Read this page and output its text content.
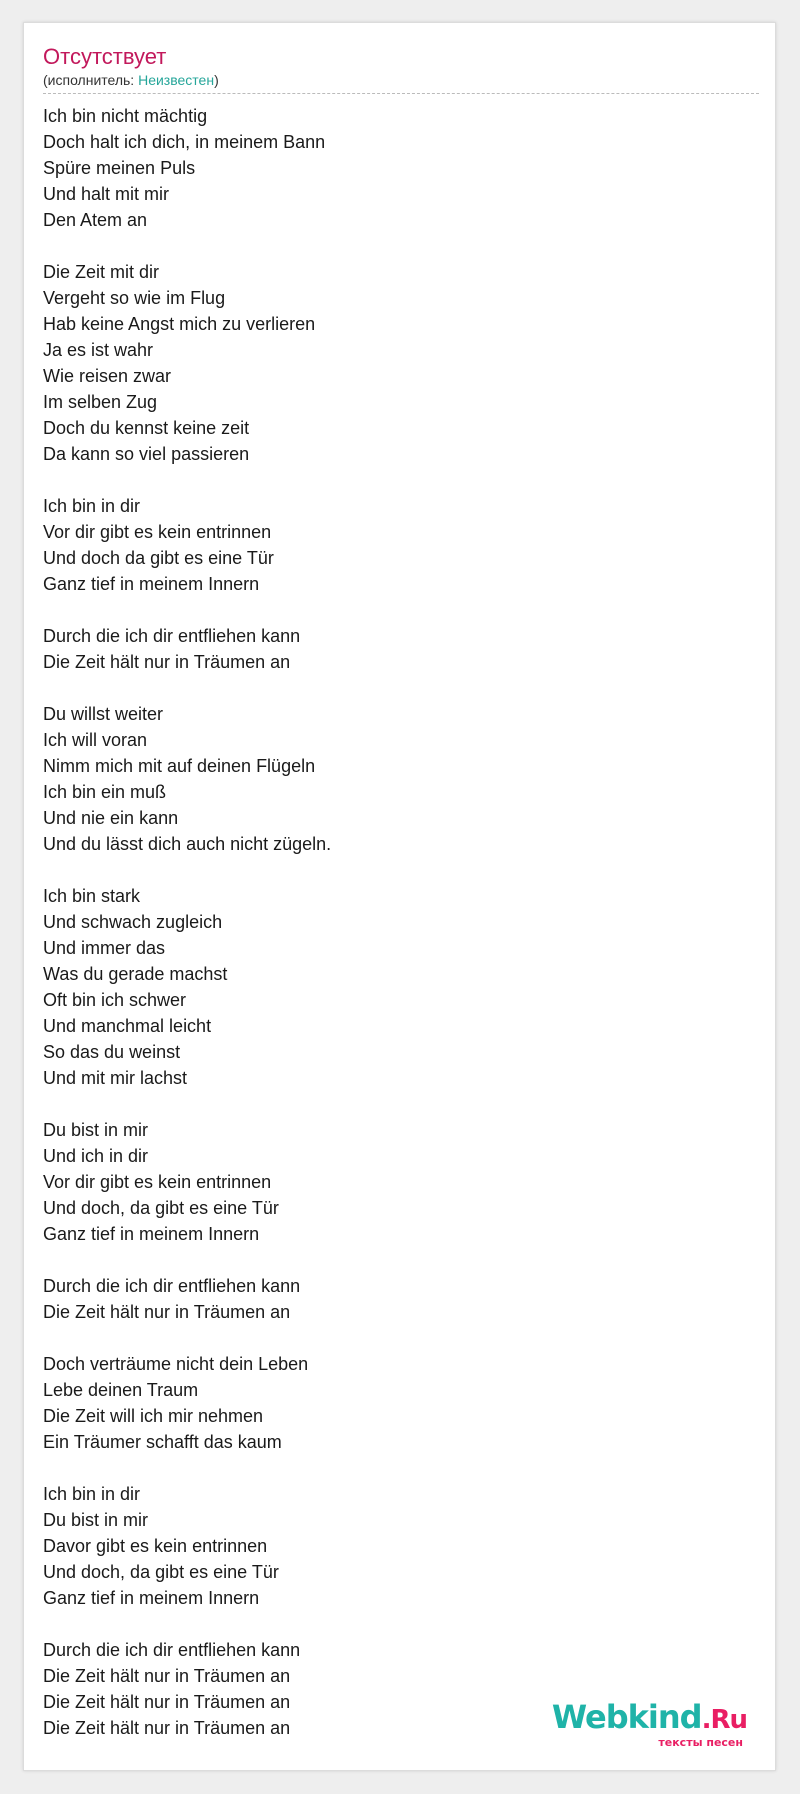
Отсутствует
(исполнитель: Неизвестен)
Ich bin nicht mächtig
Doch halt ich dich, in meinem Bann
Spüre meinen Puls
Und halt mit mir
Den Atem an
Die Zeit mit dir
Vergeht so wie im Flug
Hab keine Angst mich zu verlieren
Ja es ist wahr
Wie reisen zwar
Im selben Zug
Doch du kennst keine zeit
Da kann so viel passieren
Ich bin in dir
Vor dir gibt es kein entrinnen
Und doch da gibt es eine Tür
Ganz tief in meinem Innern
Durch die ich dir entfliehen kann
Die Zeit hält nur in Träumen an
Du willst weiter
Ich will voran
Nimm mich mit auf deinen Flügeln
Ich bin ein muß
Und nie ein kann
Und du lässt dich auch nicht zügeln.
Ich bin stark
Und schwach zugleich
Und immer das
Was du gerade machst
Oft bin ich schwer
Und manchmal leicht
So das du weinst
Und mit mir lachst
Du bist in mir
Und ich in dir
Vor dir gibt es kein entrinnen
Und doch, da gibt es eine Tür
Ganz tief in meinem Innern
Durch die ich dir entfliehen kann
Die Zeit hält nur in Träumen an
Doch verträume nicht dein Leben
Lebe deinen Traum
Die Zeit will ich mir nehmen
Ein Träumer schafft das kaum
Ich bin in dir
Du bist in mir
Davor gibt es kein entrinnen
Und doch, da gibt es eine Tür
Ganz tief in meinem Innern
Durch die ich dir entfliehen kann
Die Zeit hält nur in Träumen an
Die Zeit hält nur in Träumen an
Die Zeit hält nur in Träumen an	Webkind.Ru
тексты песен
